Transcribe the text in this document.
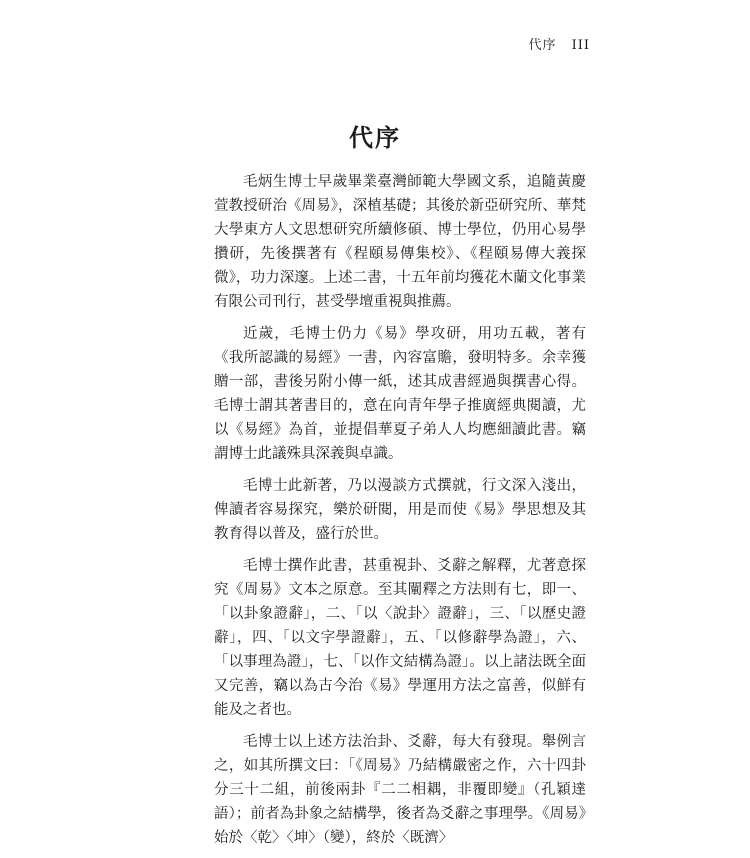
代序 III
代序

毛炳生博士早歲畢業臺灣師範大學國文系，追隨黃慶萱教授研治《周易》，深植基礎；其後於新亞研究所、華梵大學東方人文思想研究所續修碩、博士學位，仍用心易學攢研，先後撰著有《程頤易傳集校》、《程頤易傳大義探微》，功力深邃。上述二書，十五年前均獲花木蘭文化事業有限公司刊行，甚受學壇重視與推薦。

近歲，毛博士仍力《易》學攻研，用功五載，著有《我所認識的易經》一書，內容富贍，發明特多。余幸獲贈一部，書後另附小傳一紙，述其成書經過與撰書心得。毛博士謂其著書目的，意在向青年學子推廣經典閱讀，尤以《易經》為首，並提倡華夏子弟人人均應細讀此書。竊謂博士此議殊具深義與卓識。

毛博士此新著，乃以漫談方式撰就，行文深入淺出，俾讀者容易探究，樂於研閱，用是而使《易》學思想及其教育得以普及，盛行於世。

毛博士撰作此書，甚重視卦、爻辭之解釋，尤著意探究《周易》文本之原意。至其闡釋之方法則有七，即一、「以卦象證辭」，二、「以〈說卦〉證辭」，三、「以歷史證辭」，四、「以文字學證辭」，五、「以修辭學為證」，六、「以事理為證」，七、「以作文結構為證」。以上諸法既全面又完善，竊以為古今治《易》學運用方法之富善，似鮮有能及之者也。

毛博士以上述方法治卦、爻辭，每大有發現。舉例言之，如其所撰文曰：「《周易》乃結構嚴密之作，六十四卦分三十二組，前後兩卦『二二相耦，非覆即變』（孔穎達語）；前者為卦象之結構學，後者為爻辭之事理學。《周易》始於〈乾〉〈坤〉（變），終於〈既濟〉
